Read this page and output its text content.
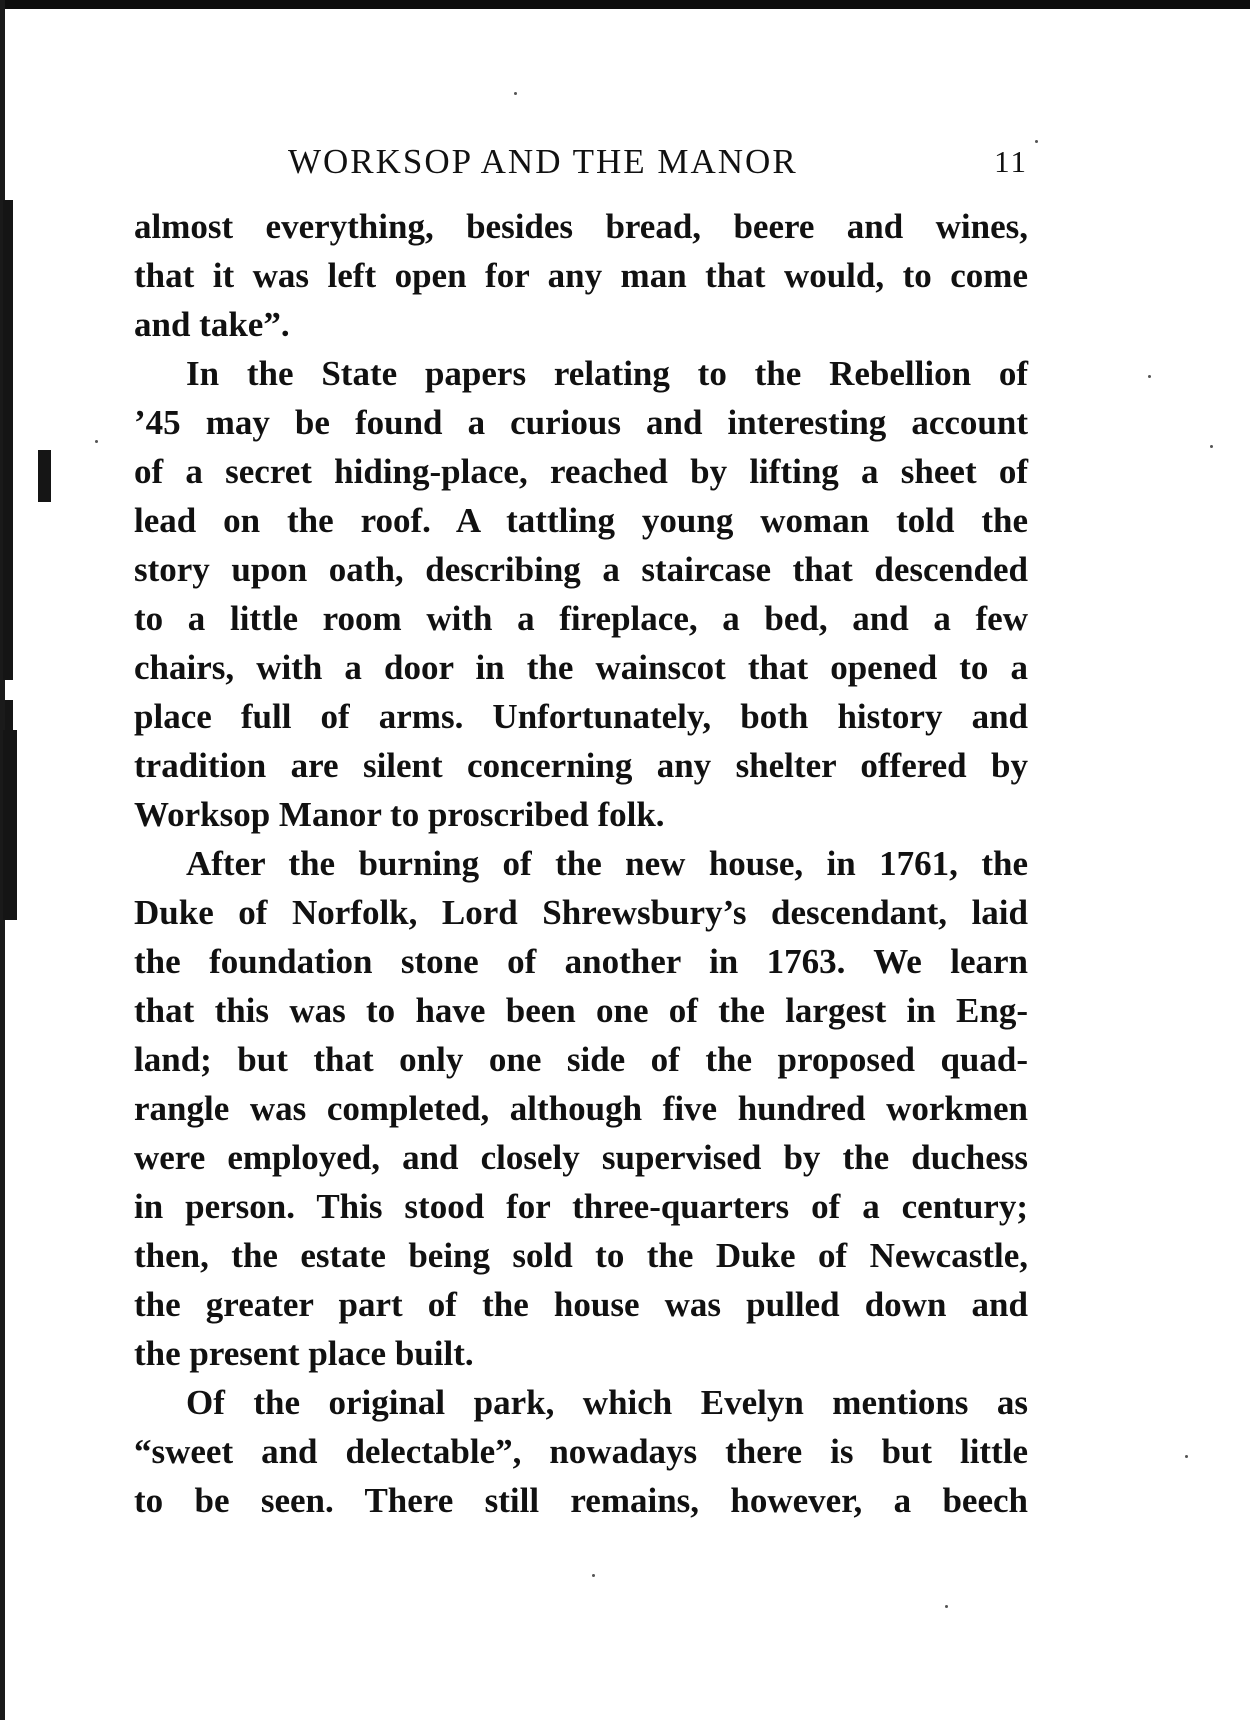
WORKSOP AND THE MANOR	11
almost everything, besides bread, beere and wines,
that it was left open for any man that would, to come
and take”.
In the State papers relating to the Rebellion of
’45 may be found a curious and interesting account
of a secret hiding-place, reached by lifting a sheet of
lead on the roof. A tattling young woman told the
story upon oath, describing a staircase that descended
to a little room with a fireplace, a bed, and a few
chairs, with a door in the wainscot that opened to a
place full of arms. Unfortunately, both history and
tradition are silent concerning any shelter offered by
Worksop Manor to proscribed folk.
After the burning of the new house, in 1761, the
Duke of Norfolk, Lord Shrewsbury’s descendant, laid
the foundation stone of another in 1763. We learn
that this was to have been one of the largest in Eng-
land; but that only one side of the proposed quad-
rangle was completed, although five hundred workmen
were employed, and closely supervised by the duchess
in person. This stood for three-quarters of a century;
then, the estate being sold to the Duke of Newcastle,
the greater part of the house was pulled down and
the present place built.
Of the original park, which Evelyn mentions as
“sweet and delectable”, nowadays there is but little
to be seen. There still remains, however, a beech
